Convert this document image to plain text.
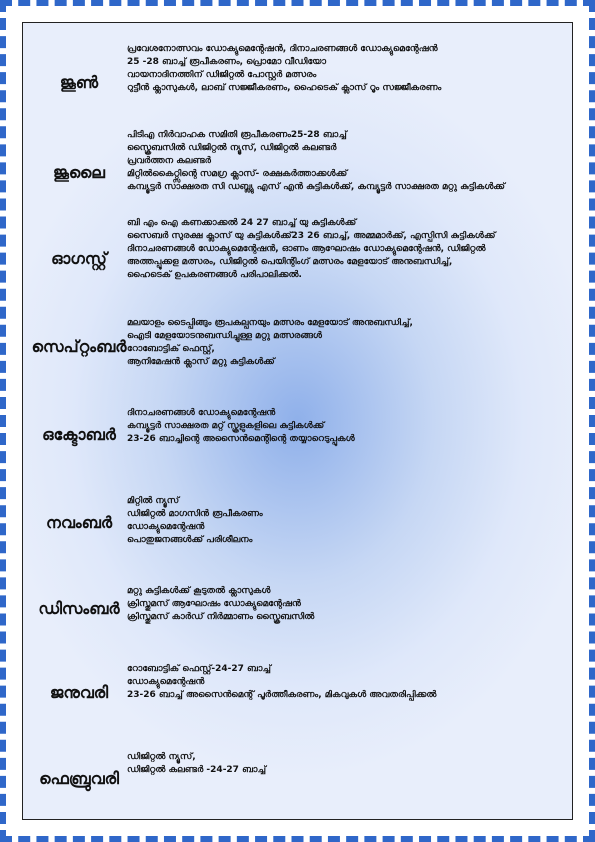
ജൂൺ
പ്രവേശനോത്സവം ഡോക്യുമെന്റേഷൻ, ദിനാചരണങ്ങൾ ഡോക്യുമെന്റേഷൻ
25 -28 ബാച്ച് രൂപീകരണം, പ്രൊമോ വീഡിയോ
വായനാദിനത്തിന് ഡിജിറ്റൽ പോസ്റ്റർ മത്സരം
റുട്ടീൻ ക്ലാസുകൾ, ലാബ് സജ്ജീകരണം, ഹൈടെക് ക്ലാസ് റൂം സജ്ജീകരണം
ജൂലൈ
പിടിഎ നിർവാഹക സമിതി രൂപീകരണം25-28 ബാച്ച്
സ്ക്രൈബസിൽ ഡിജിറ്റൽ ന്യൂസ്, ഡിജിറ്റൽ കലണ്ടർ
പ്രവർത്തന കലണ്ടർ
മിറ്റിൽകൈറ്റ്സിന്റെ സമഗ്ര ക്ലാസ്- രക്ഷകർത്താക്കൾക്ക്
കമ്പ്യൂട്ടർ സാക്ഷരത സി ഡബ്ല്യു എസ് എൻ കുട്ടികൾക്ക്, കമ്പ്യൂട്ടർ സാക്ഷരത മറ്റു കുട്ടികൾക്ക്
ഓഗസ്റ്റ്
ബി എം ഐ കണക്കാക്കൽ 24 27 ബാച്ച് യു കുട്ടികൾക്ക്
സൈബർ സുരക്ഷ ക്ലാസ് യു കുട്ടികൾക്ക്23 26 ബാച്ച്, അമ്മമാർക്ക്, എസ്പിസി കുട്ടികൾക്ക്
ദിനാചരണങ്ങൾ ഡോക്യുമെന്റേഷൻ, ഓണം ആഘോഷം ഡോക്യുമെന്റേഷൻ, ഡിജിറ്റൽ
അത്തപ്പൂക്കള മത്സരം, ഡിജിറ്റൽ പെയിന്റിംഗ് മത്സരം മേളയോട് അനുബന്ധിച്ച്,
ഹൈടെക് ഉപകരണങ്ങൾ പരിപാലിക്കൽ.
സെപ്റ്റംബർ
മലയാളം ടൈപ്പിങ്ങും രൂപകല്പനയും മത്സരം മേളയോട് അനുബന്ധിച്ച്,
ഐടി മേളയോടനുബന്ധിച്ചുള്ള മറ്റു മത്സരങ്ങൾ
റോബോട്ടിക് ഫെസ്റ്റ്,
ആനിമേഷൻ ക്ലാസ് മറ്റു കുട്ടികൾക്ക്
ഒക്ടോബർ
ദിനാചരണങ്ങൾ ഡോക്യുമെന്റേഷൻ
കമ്പ്യൂട്ടർ സാക്ഷരത മറ്റ് സ്കൂളുകളിലെ കുട്ടികൾക്ക്
23-26 ബാച്ചിന്റെ അസൈൻമെന്റിന്റെ തയ്യാറെടുപ്പുകൾ
നവംബർ
മിറ്റിൽ ന്യൂസ്
ഡിജിറ്റൽ മാഗസിൻ രൂപീകരണം
ഡോക്യുമെന്റേഷൻ
പൊതുജനങ്ങൾക്ക് പരിശീലനം
ഡിസംബർ
മറ്റു കുട്ടികൾക്ക് കൂടുതൽ ക്ലാസുകൾ
ക്രിസ്തുമസ് ആഘോഷം ഡോക്യുമെന്റേഷൻ
ക്രിസ്തുമസ് കാർഡ് നിർമ്മാണം സ്ക്രൈബസിൽ
ജനുവരി
റോബോട്ടിക് ഫെസ്റ്റ്-24-27 ബാച്ച്
ഡോക്യുമെന്റേഷൻ
23-26 ബാച്ച് അസൈൻമെന്റ് പൂർത്തീകരണം, മികവുകൾ അവതരിപ്പിക്കൽ
ഫെബ്രുവരി
ഡിജിറ്റൽ ന്യൂസ്,
ഡിജിറ്റൽ കലണ്ടർ -24-27 ബാച്ച്
